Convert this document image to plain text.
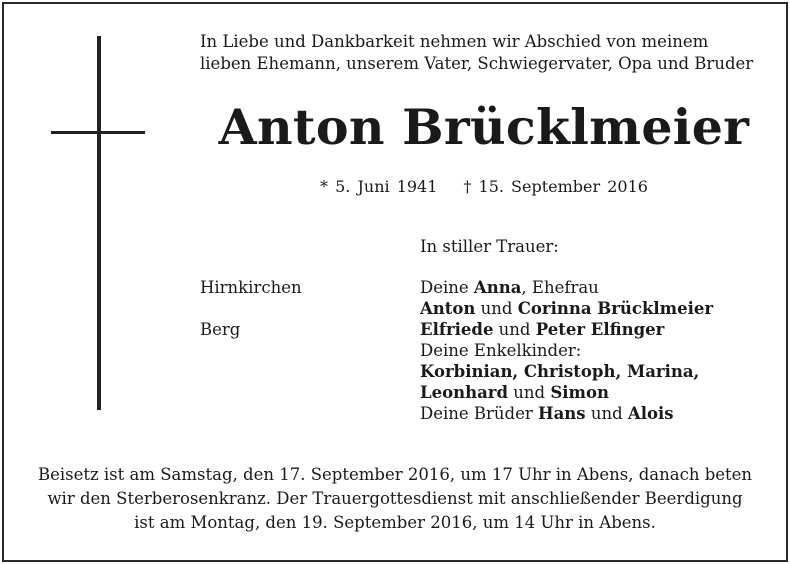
In Liebe und Dankbarkeit nehmen wir Abschied von meinem
lieben Ehemann, unserem Vater, Schwiegervater, Opa und Bruder
Anton Brücklmeier
* 5. Juni 1941 † 15. September 2016
In stiller Trauer:
Hirnkirchen
Berg
Deine Anna, Ehefrau
Anton und Corinna Brücklmeier
Elfriede und Peter Elfinger
Deine Enkelkinder:
Korbinian, Christoph, Marina,
Leonhard und Simon
Deine Brüder Hans und Alois
Beisetz ist am Samstag, den 17. September 2016, um 17 Uhr in Abens, danach beten
wir den Sterberosenkranz. Der Trauergottesdienst mit anschließender Beerdigung
ist am Montag, den 19. September 2016, um 14 Uhr in Abens.
